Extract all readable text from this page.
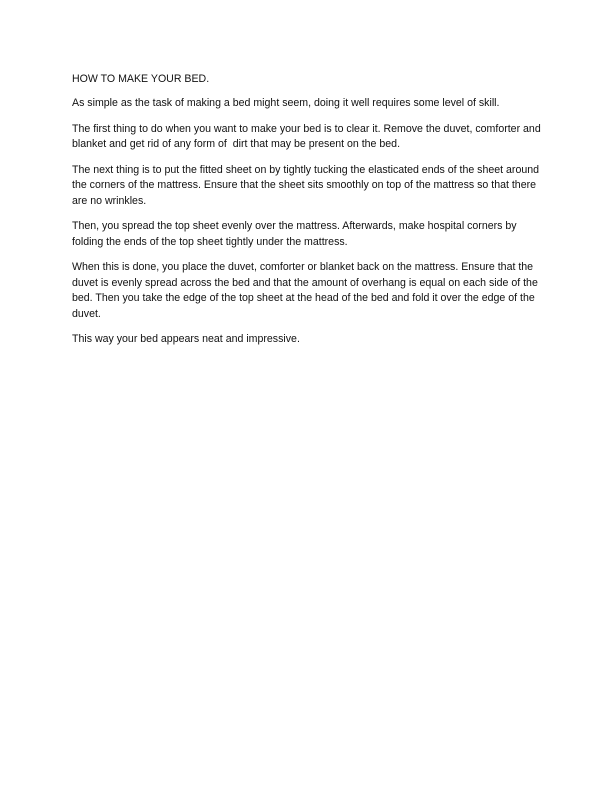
HOW TO MAKE YOUR BED.

As simple as the task of making a bed might seem, doing it well requires some level of skill.

The first thing to do when you want to make your bed is to clear it. Remove the duvet, comforter and blanket and get rid of any form of  dirt that may be present on the bed.

The next thing is to put the fitted sheet on by tightly tucking the elasticated ends of the sheet around the corners of the mattress. Ensure that the sheet sits smoothly on top of the mattress so that there are no wrinkles.

Then, you spread the top sheet evenly over the mattress. Afterwards, make hospital corners by folding the ends of the top sheet tightly under the mattress.

When this is done, you place the duvet, comforter or blanket back on the mattress. Ensure that the duvet is evenly spread across the bed and that the amount of overhang is equal on each side of the bed. Then you take the edge of the top sheet at the head of the bed and fold it over the edge of the duvet.

This way your bed appears neat and impressive.
